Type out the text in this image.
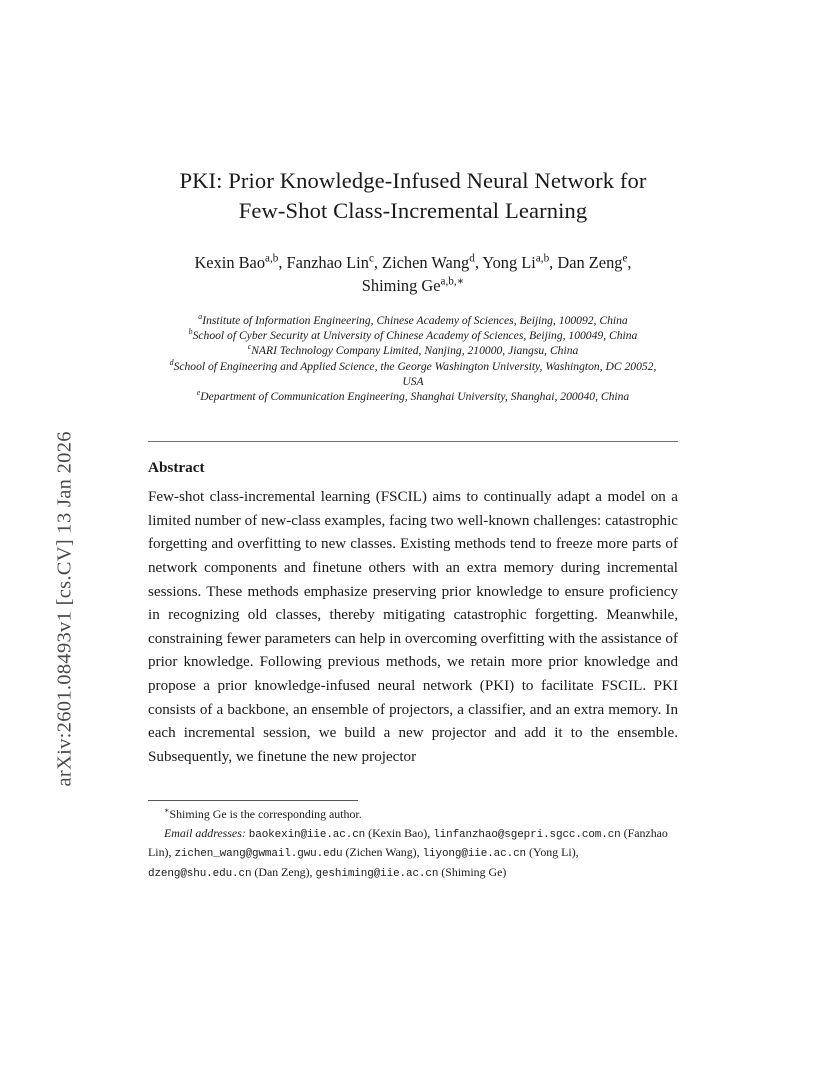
arXiv:2601.08493v1 [cs.CV] 13 Jan 2026
PKI: Prior Knowledge-Infused Neural Network for
Few-Shot Class-Incremental Learning
Kexin Bao$^{a,b}$, Fanzhao Lin$^c$, Zichen Wang$^d$, Yong Li$^{a,b}$, Dan Zeng$^e$,
Shiming $Ge^{a,b,∗}$
$^a$Institute of Information Engineering, Chinese Academy of Sciences, Beijing, 100092, China
$^b$School of Cyber Security at University of Chinese Academy of Sciences, Beijing, 100049, China
$^c$NARI Technology Company Limited, Nanjing, 210000, Jiangsu, China
$^d$School of Engineering and Applied Science, the George Washington University, Washington, DC 20052, USA
$^e$Department of Communication Engineering, Shanghai University, Shanghai, 200040, China
Abstract
Few-shot class-incremental learning (FSCIL) aims to continually adapt a model on a limited number of new-class examples, facing two well-known challenges: catastrophic forgetting and overfitting to new classes. Existing methods tend to freeze more parts of network components and finetune others with an extra memory during incremental sessions. These methods emphasize preserving prior knowledge to ensure proficiency in recognizing old classes, thereby mitigating catastrophic forgetting. Meanwhile, constraining fewer parameters can help in overcoming overfitting with the assistance of prior knowledge. Following previous methods, we retain more prior knowledge and propose a prior knowledge-infused neural network (PKI) to facilitate FSCIL. PKI consists of a backbone, an ensemble of projectors, a classifier, and an extra memory. In each incremental session, we build a new projector and add it to the ensemble. Subsequently, we finetune the new projector
∗Shiming Ge is the corresponding author.
Email addresses: baokexin@iie.ac.cn (Kexin Bao), linfanzhao@sgepri.sgcc.com.cn (Fanzhao Lin), zichen_wang@gwmail.gwu.edu (Zichen Wang), liyong@iie.ac.cn (Yong Li), dzeng@shu.edu.cn (Dan Zeng), geshiming@iie.ac.cn (Shiming Ge)
